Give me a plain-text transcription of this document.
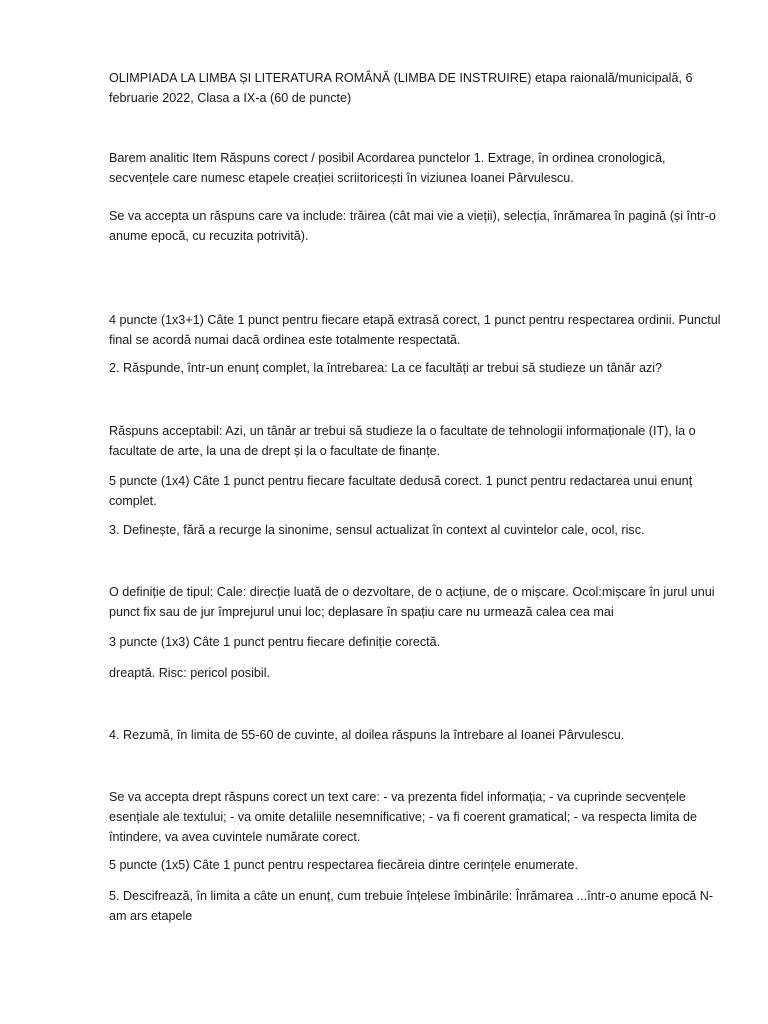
OLIMPIADA LA LIMBA ȘI LITERATURA ROMÂNĂ (LIMBA DE INSTRUIRE) etapa raională/municipală, 6 februarie 2022, Clasa a IX-a (60 de puncte)

Barem analitic Item Răspuns corect / posibil Acordarea punctelor 1. Extrage, în ordinea cronologică, secvențele care numesc etapele creației scriitoricești în viziunea Ioanei Pârvulescu.

Se va accepta un răspuns care va include: trăirea (cât mai vie a vieții), selecția, înrămarea în pagină (și într-o anume epocă, cu recuzita potrivită).

4 puncte (1x3+1) Câte 1 punct pentru fiecare etapă extrasă corect, 1 punct pentru respectarea ordinii. Punctul final se acordă numai dacă ordinea este totalmente respectată.

2. Răspunde, într-un enunț complet, la întrebarea: La ce facultăți ar trebui să studieze un tânăr azi?

Răspuns acceptabil: Azi, un tânăr ar trebui să studieze la o facultate de tehnologii informaționale (IT), la o facultate de arte, la una de drept și la o facultate de finanțe.

5 puncte (1x4) Câte 1 punct pentru fiecare facultate dedusă corect. 1 punct pentru redactarea unui enunț complet.

3. Definește, fără a recurge la sinonime, sensul actualizat în context al cuvintelor cale, ocol, risc.

O definiție de tipul: Cale: direcție luată de o dezvoltare, de o acțiune, de o mișcare. Ocol:mișcare în jurul unui punct fix sau de jur împrejurul unui loc; deplasare în spațiu care nu urmează calea cea mai

3 puncte (1x3) Câte 1 punct pentru fiecare definiție corectă.

dreaptă. Risc: pericol posibil.

4. Rezumă, în limita de 55-60 de cuvinte, al doilea răspuns la întrebare al Ioanei Pârvulescu.

Se va accepta drept răspuns corect un text care: - va prezenta fidel informația; - va cuprinde secvențele esențiale ale textului; - va omite detaliile nesemnificative; - va fi coerent gramatical; - va respecta limita de întindere, va avea cuvintele numărate corect.

5 puncte (1x5) Câte 1 punct pentru respectarea fiecăreia dintre cerințele enumerate.

5. Descifrează, în limita a câte un enunț, cum trebuie înțelese îmbinările: Înrămarea ...într-o anume epocă N-am ars etapele
